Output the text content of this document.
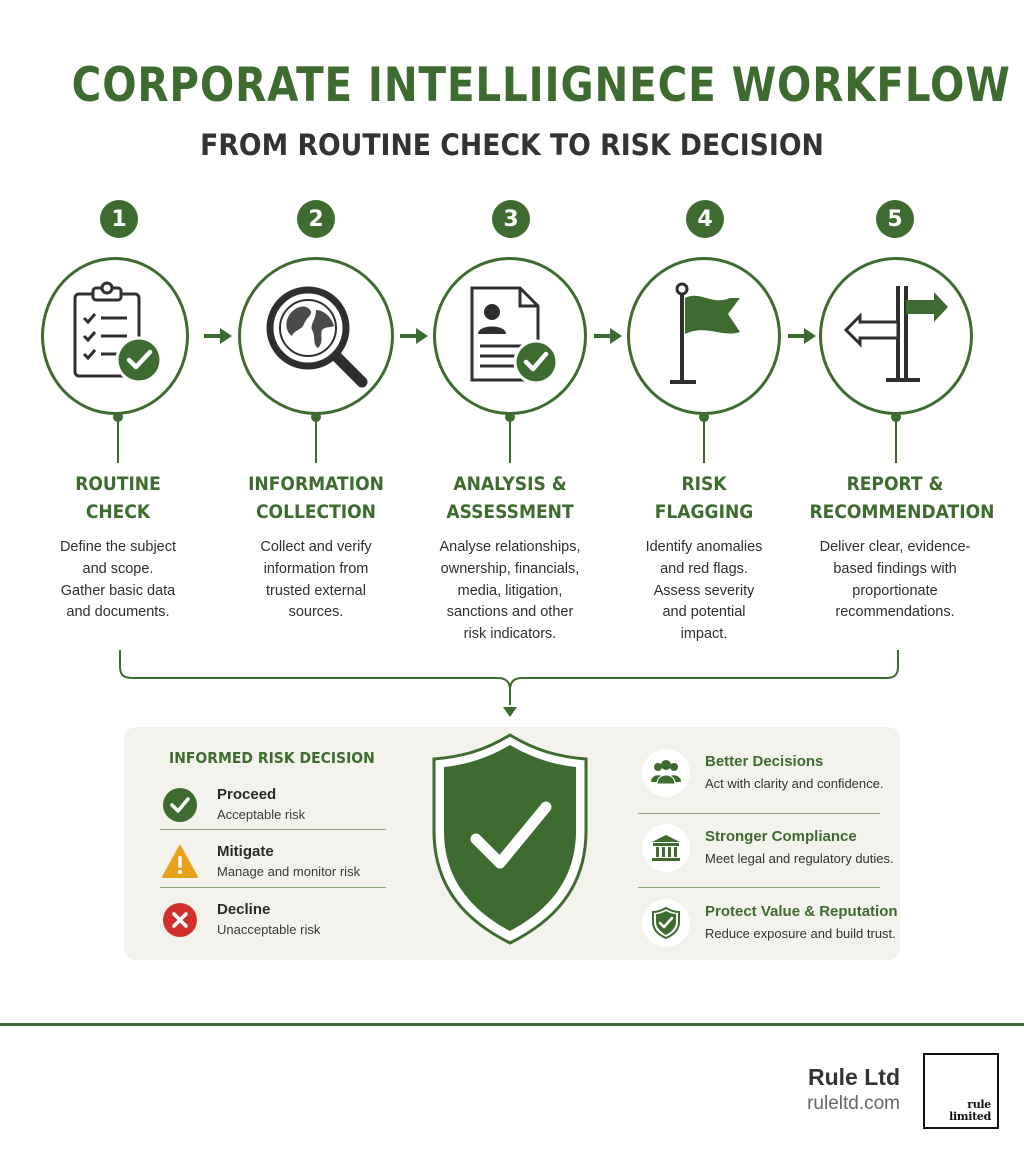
CORPORATE INTELLIIGNECE WORKFLOW
FROM ROUTINE CHECK TO RISK DECISION
1
ROUTINE
CHECK
Define the subject
and scope.
Gather basic data
and documents.
2
INFORMATION
COLLECTION
Collect and verify
information from
trusted external
sources.
3
ANALYSIS &
ASSESSMENT
Analyse relationships,
ownership, financials,
media, litigation,
sanctions and other
risk indicators.
4
RISK
FLAGGING
Identify anomalies
and red flags.
Assess severity
and potential
impact.
5
REPORT &
RECOMMENDATION
Deliver clear, evidence-
based findings with
proportionate
recommendations.
INFORMED RISK DECISION
Proceed
Acceptable risk
Mitigate
Manage and monitor risk
Decline
Unacceptable risk
Better Decisions
Act with clarity and confidence.
Stronger Compliance
Meet legal and regulatory duties.
Protect Value & Reputation
Reduce exposure and build trust.
Rule Ltd
ruleltd.com	rule
limited
